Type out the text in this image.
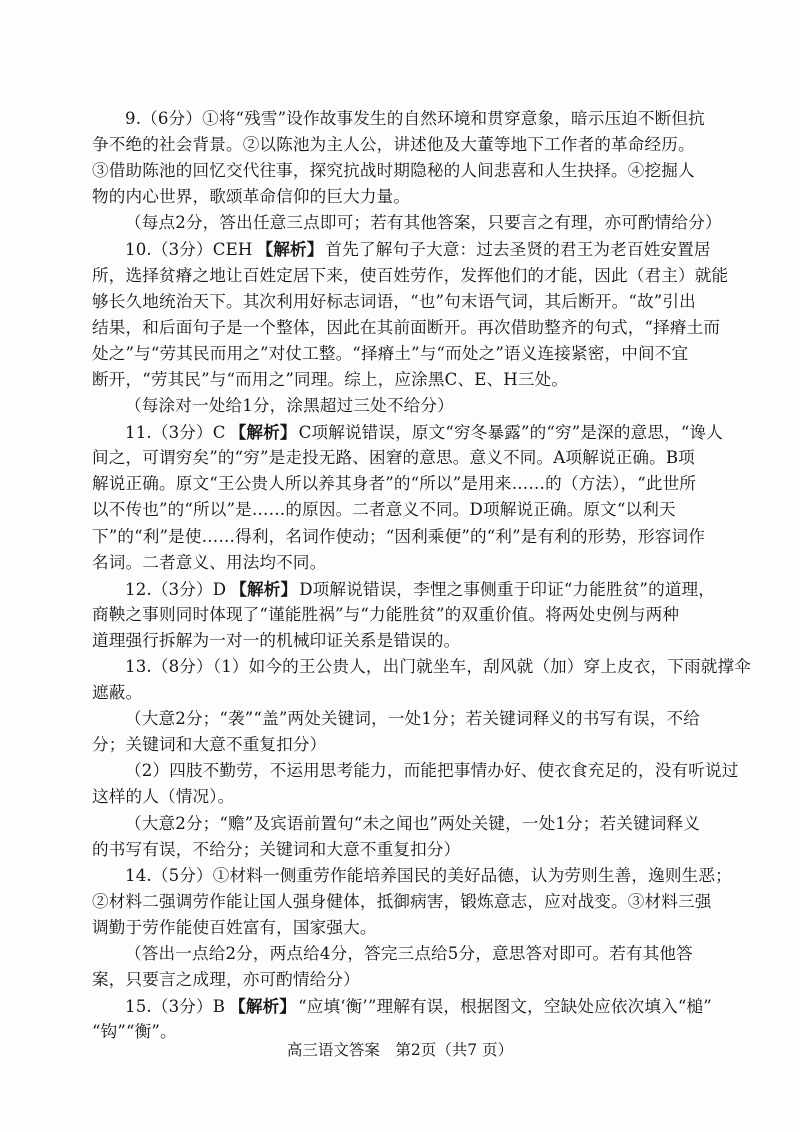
9.（6分）①将“残雪”设作故事发生的自然环境和贯穿意象，暗示压迫不断但抗
争不绝的社会背景。②以陈池为主人公，讲述他及大董等地下工作者的革命经历。
③借助陈池的回忆交代往事，探究抗战时期隐秘的人间悲喜和人生抉择。④挖掘人
物的内心世界，歌颂革命信仰的巨大力量。
（每点2分，答出任意三点即可；若有其他答案，只要言之有理，亦可酌情给分）
10.（3分）CEH 【解析】 首先了解句子大意：过去圣贤的君王为老百姓安置居
所，选择贫瘠之地让百姓定居下来，使百姓劳作，发挥他们的才能，因此（君主）就能
够长久地统治天下。其次利用好标志词语，“也”句末语气词，其后断开。“故”引出
结果，和后面句子是一个整体，因此在其前面断开。再次借助整齐的句式，“择瘠土而
处之”与“劳其民而用之”对仗工整。“择瘠土”与“而处之”语义连接紧密，中间不宜
断开，“劳其民”与“而用之”同理。综上，应涂黑C、E、H三处。
（每涂对一处给1分，涂黑超过三处不给分）
11.（3分）C 【解析】 C项解说错误，原文“穷冬暴露”的“穷”是深的意思，“谗人
间之，可谓穷矣”的“穷”是走投无路、困窘的意思。意义不同。A项解说正确。B项
解说正确。原文“王公贵人所以养其身者”的“所以”是用来……的（方法），“此世所
以不传也”的“所以”是……的原因。二者意义不同。D项解说正确。原文“以利天
下”的“利”是使……得利，名词作使动；“因利乘便”的“利”是有利的形势，形容词作
名词。二者意义、用法均不同。
12.（3分）D 【解析】 D项解说错误，李悝之事侧重于印证“力能胜贫”的道理，
商鞅之事则同时体现了“谨能胜祸”与“力能胜贫”的双重价值。将两处史例与两种
道理强行拆解为一对一的机械印证关系是错误的。
13.（8分）（1）如今的王公贵人，出门就坐车，刮风就（加）穿上皮衣，下雨就撑伞
遮蔽。
（大意2分；“袭”“盖”两处关键词，一处1分；若关键词释义的书写有误，不给
分；关键词和大意不重复扣分）
（2）四肢不勤劳，不运用思考能力，而能把事情办好、使衣食充足的，没有听说过
这样的人（情况）。
（大意2分；“赡”及宾语前置句“未之闻也”两处关键，一处1分；若关键词释义
的书写有误，不给分；关键词和大意不重复扣分）
14.（5分）①材料一侧重劳作能培养国民的美好品德，认为劳则生善，逸则生恶；
②材料二强调劳作能让国人强身健体，抵御病害，锻炼意志，应对战变。③材料三强
调勤于劳作能使百姓富有，国家强大。
（答出一点给2分，两点给4分，答完三点给5分，意思答对即可。若有其他答
案，只要言之成理，亦可酌情给分）
15.（3分）B 【解析】 “应填‘衡’”理解有误，根据图文，空缺处应依次填入“槌”
“钩”“衡”。
高三语文答案　第2页（共7 页）
